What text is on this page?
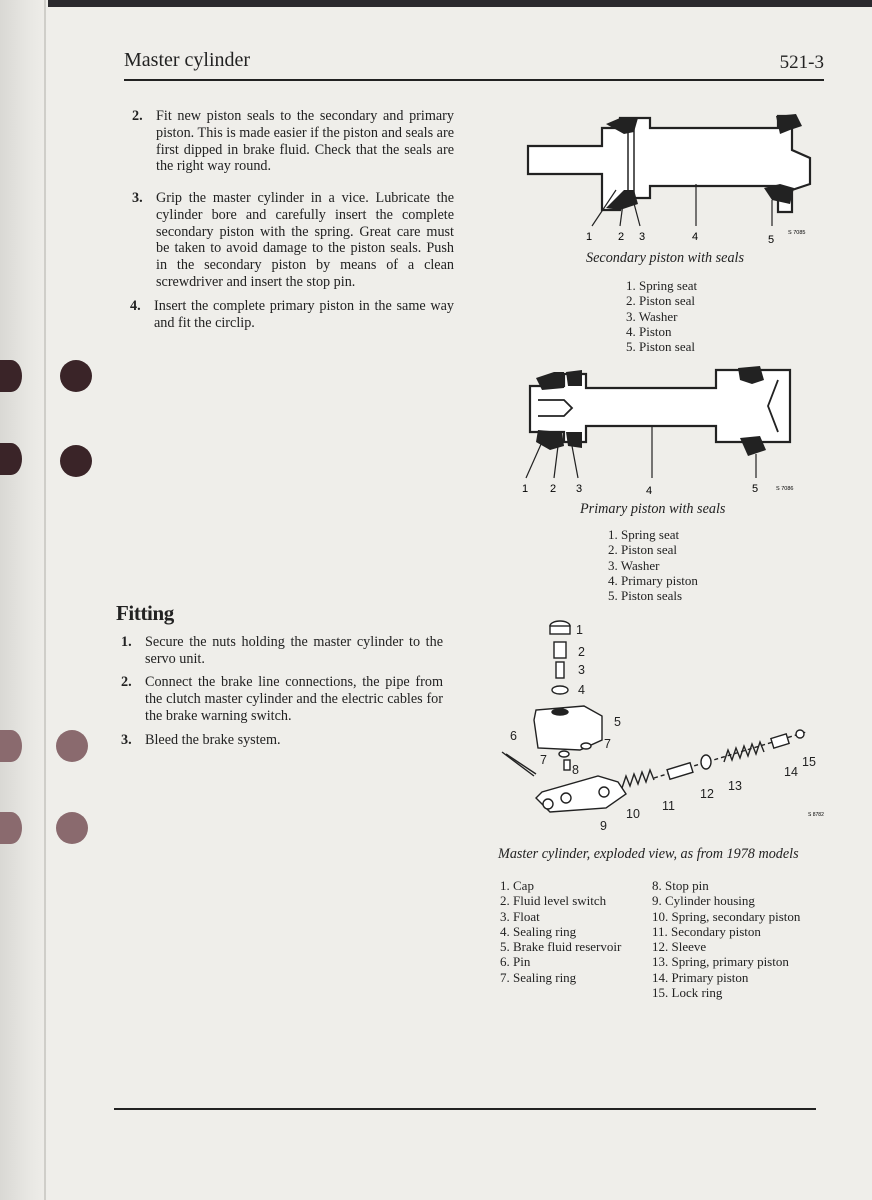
Master cylinder	521-3
2. Fit new piston seals to the secondary and primary piston. This is made easier if the piston and seals are first dipped in brake fluid. Check that the seals are the right way round.
3. Grip the master cylinder in a vice. Lubricate the cylinder bore and carefully insert the complete secondary piston with the spring. Great care must be taken to avoid damage to the piston seals. Push in the secondary piston by means of a clean screwdriver and insert the stop pin.
4. Insert the complete primary piston in the same way and fit the circlip.
Fitting
1. Secure the nuts holding the master cylinder to the servo unit.
2. Connect the brake line connections, the pipe from the clutch master cylinder and the electric cables for the brake warning switch.
3. Bleed the brake system.
1 2 3	4	5
S 7085
Secondary piston with seals
1. Spring seat
2. Piston seal
3. Washer
4. Piston
5. Piston seal
1 2 3	4	5	S 7086
Primary piston with seals
1. Spring seat
2. Piston seal
3. Washer
4. Primary piston
5. Piston seals
1
2
3
4
5
6
7
7
8
9
10
11
12
13
14
15
S 8782
Master cylinder, exploded view, as from 1978 models
1. Cap
2. Fluid level switch
3. Float
4. Sealing ring
5. Brake fluid reservoir
6. Pin
7. Sealing ring
8. Stop pin
9. Cylinder housing
10. Spring, secondary piston
11. Secondary piston
12. Sleeve
13. Spring, primary piston
14. Primary piston
15. Lock ring
